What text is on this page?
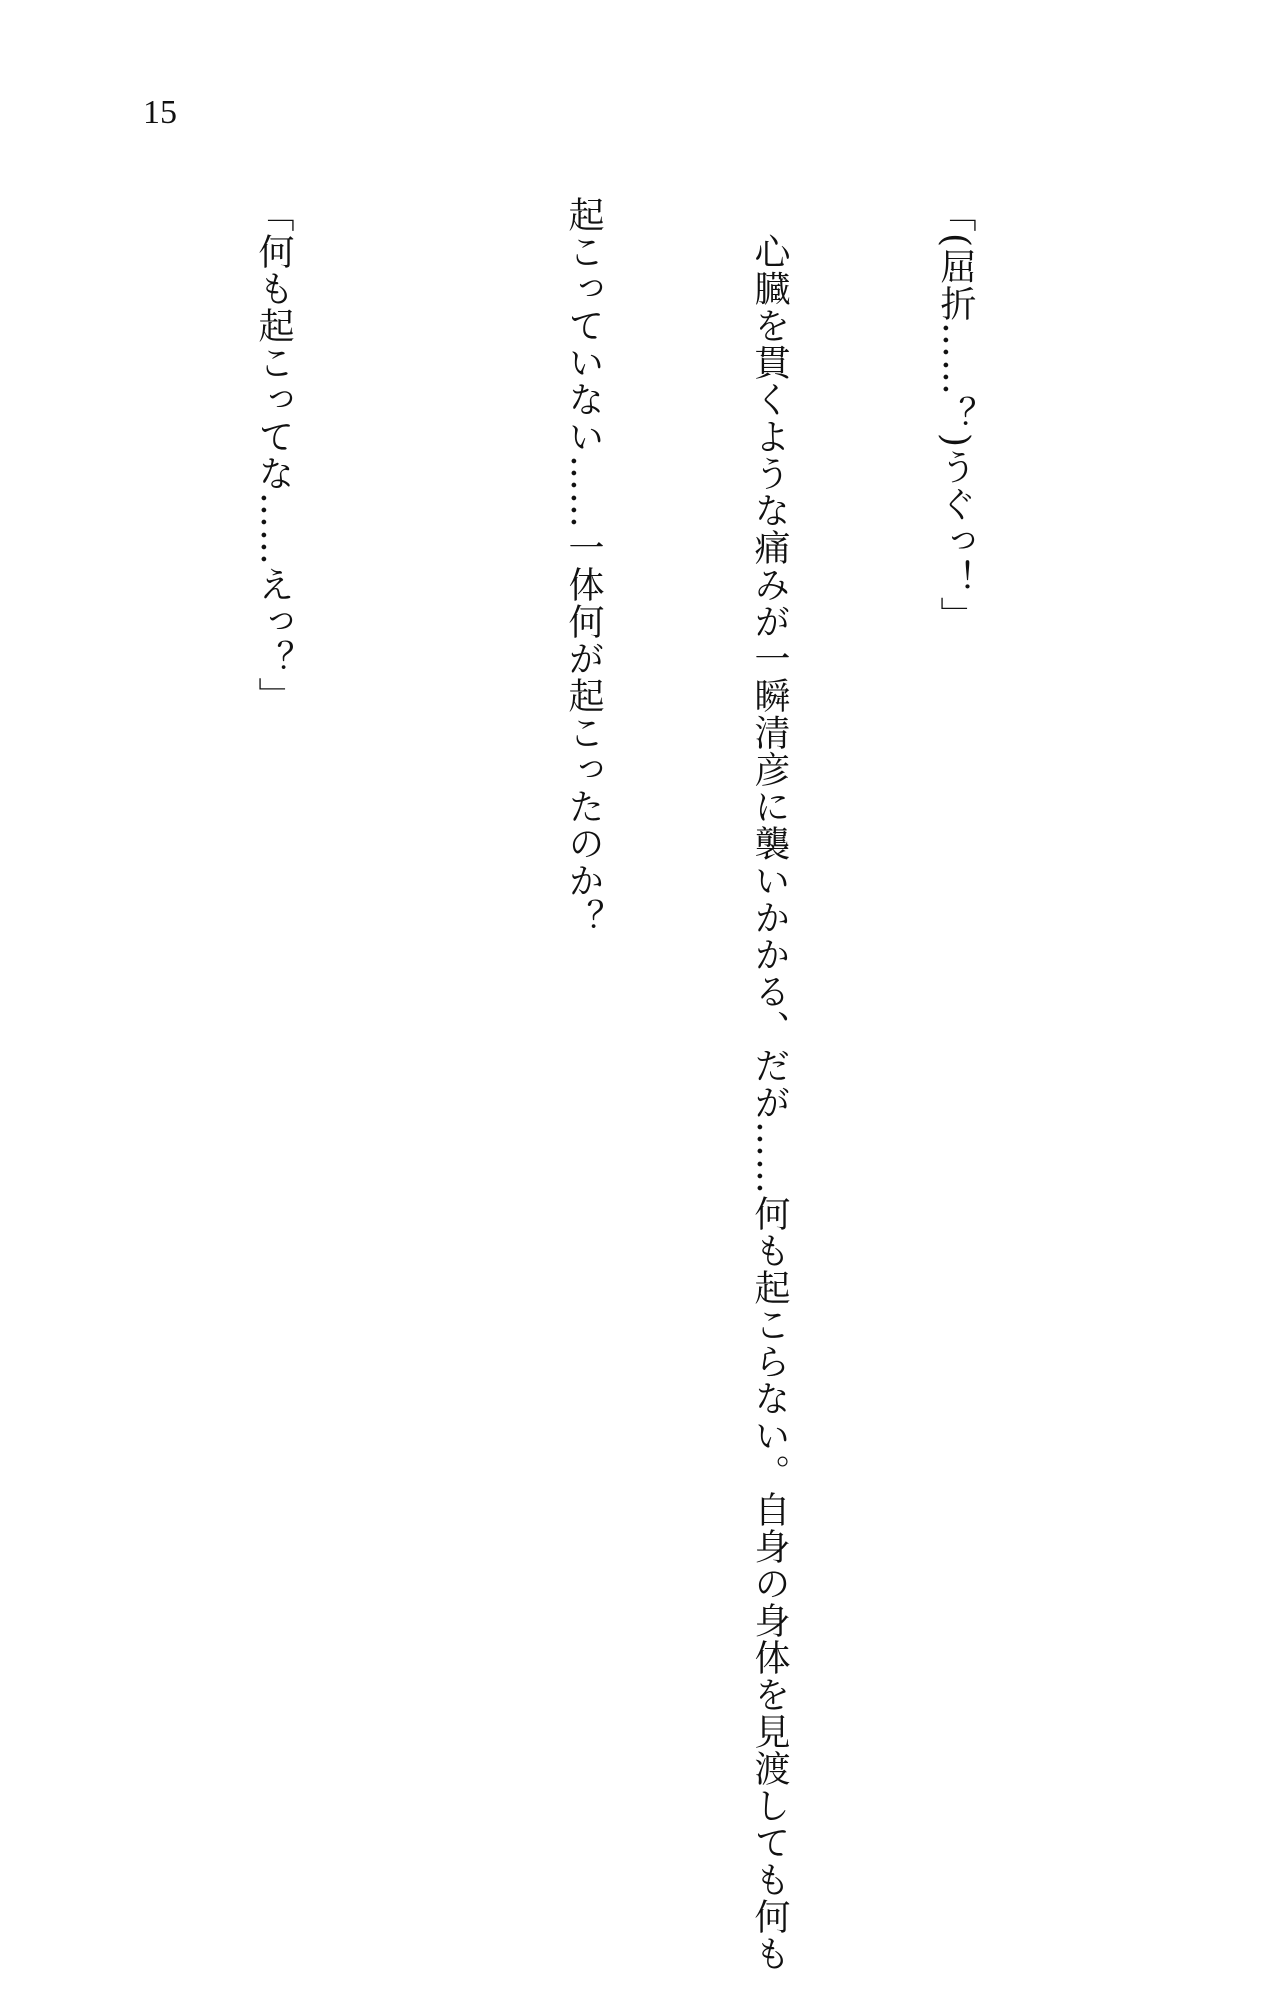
15

「(屈折……？)うぐっ！」

　心臓を貫くような痛みが一瞬清彦に襲いかかる、だが……何も起こらない。自身の身体を見渡しても何も

起こっていない……一体何が起こったのか？

「何も起こってな……えっ？」
